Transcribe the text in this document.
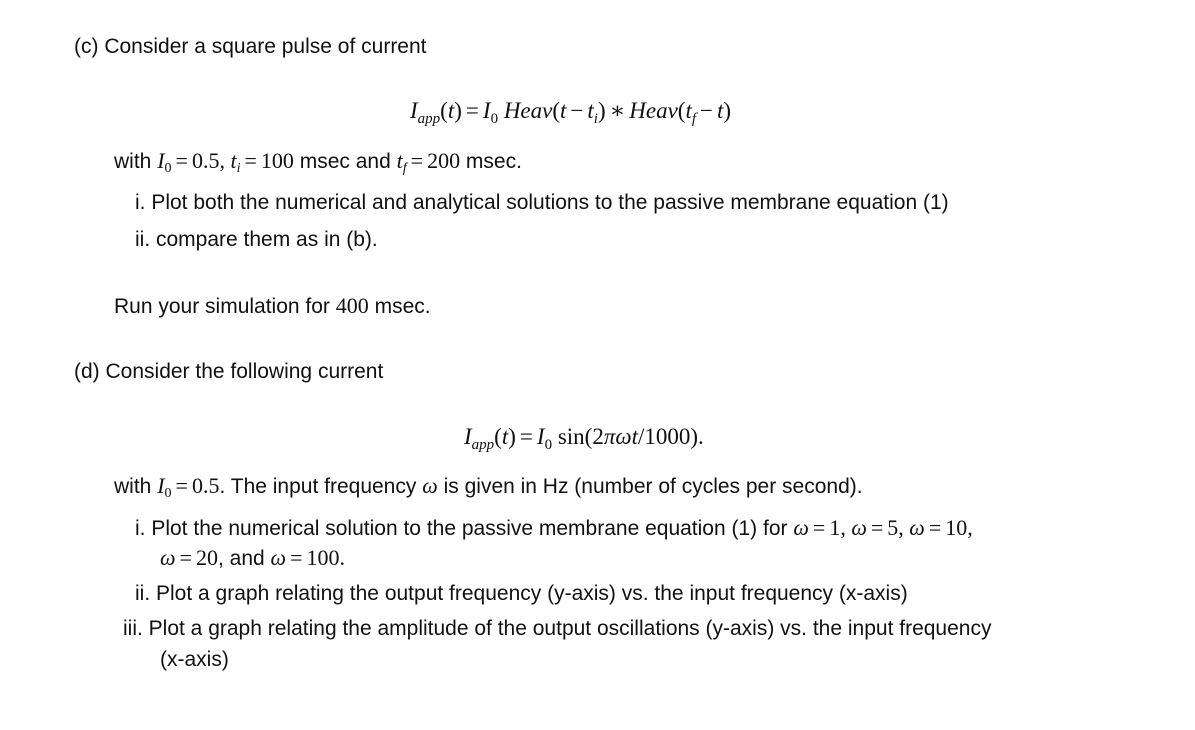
(c) Consider a square pulse of current
$I_{app}(t) = I_0$ Heav(t − $t_i$) ∗ $Heav(t_f - t)$
with $I_0 = 0.5$, $t_i = 100$ msec and $t_f = 200$ msec.
i. Plot both the numerical and analytical solutions to the passive membrane equation (1)
ii. compare them as in (b).
Run your simulation for 400 msec.
(d) Consider the following current
$I_{app}(t) = I_0$ sin(2πωt/1000).
with $I_0 = 0.5$. The input frequency ω is given in Hz (number of cycles per second).
i. Plot the numerical solution to the passive membrane equation (1) for ω = 1, ω = 5, ω = 10,
ω = 20, and ω = 100.
ii. Plot a graph relating the output frequency (y-axis) vs. the input frequency (x-axis)
iii. Plot a graph relating the amplitude of the output oscillations (y-axis) vs. the input frequency
(x-axis)
